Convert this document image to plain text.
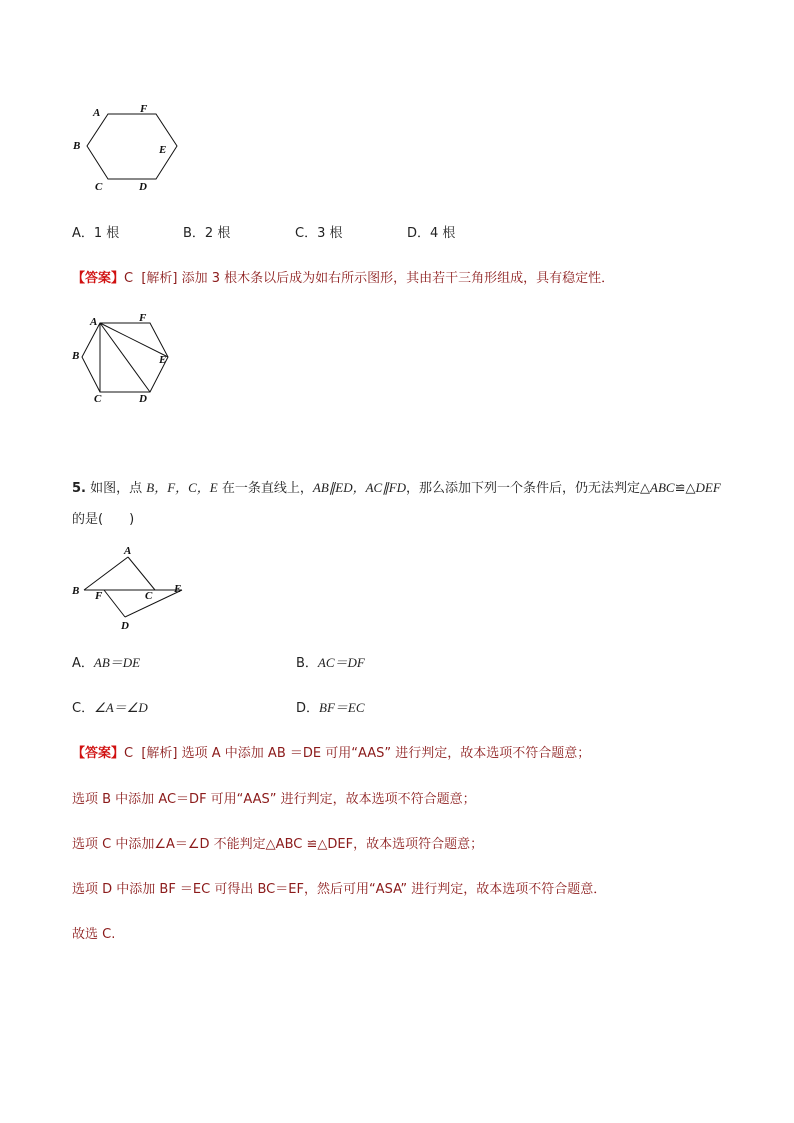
A	F
B	E
C	D
A．1 根	B．2 根	C．3 根	D．4 根
【答案】C [解析] 添加 3 根木条以后成为如右所示图形，其由若干三角形组成，具有稳定性．
A	F
B	E
C	D
5. 如图，点 B，F，C，E 在一条直线上，AB∥ED，AC∥FD，那么添加下列一个条件后，仍无法判定△ABC≌△DEF
的是(　　)
A
B F	C
E
D
A．AB＝DE	B．AC＝DF
C．∠A＝∠D	D．BF＝EC
【答案】C [解析] 选项 A 中添加 AB ＝DE 可用“AAS” 进行判定，故本选项不符合题意；
选项 B 中添加 AC＝DF 可用“AAS” 进行判定，故本选项不符合题意；
选项 C 中添加∠A＝∠D 不能判定△ABC ≌△DEF，故本选项符合题意；
选项 D 中添加 BF ＝EC 可得出 BC＝EF，然后可用“ASA” 进行判定，故本选项不符合题意．
故选 C.
